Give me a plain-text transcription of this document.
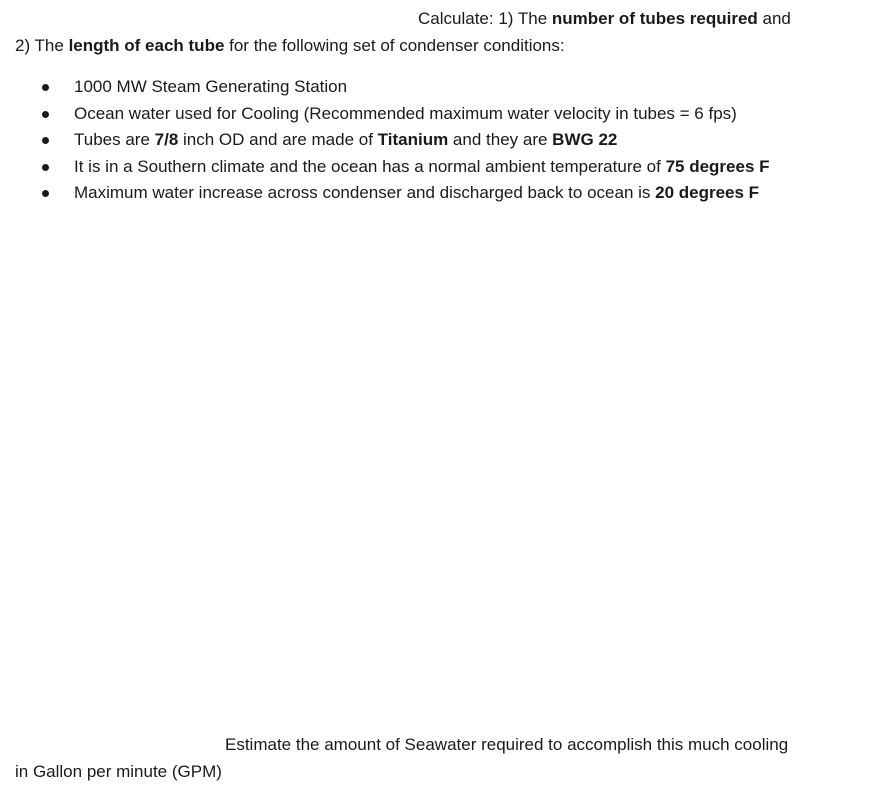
Calculate: 1) The number of tubes required and
2) The length of each tube for the following set of condenser conditions:
1000 MW Steam Generating Station
Ocean water used for Cooling (Recommended maximum water velocity in tubes = 6 fps)
Tubes are 7/8 inch OD and are made of Titanium and they are BWG 22
It is in a Southern climate and the ocean has a normal ambient temperature of 75 degrees F
Maximum water increase across condenser and discharged back to ocean is 20 degrees F
Estimate the amount of Seawater required to accomplish this much cooling
in Gallon per minute (GPM)
